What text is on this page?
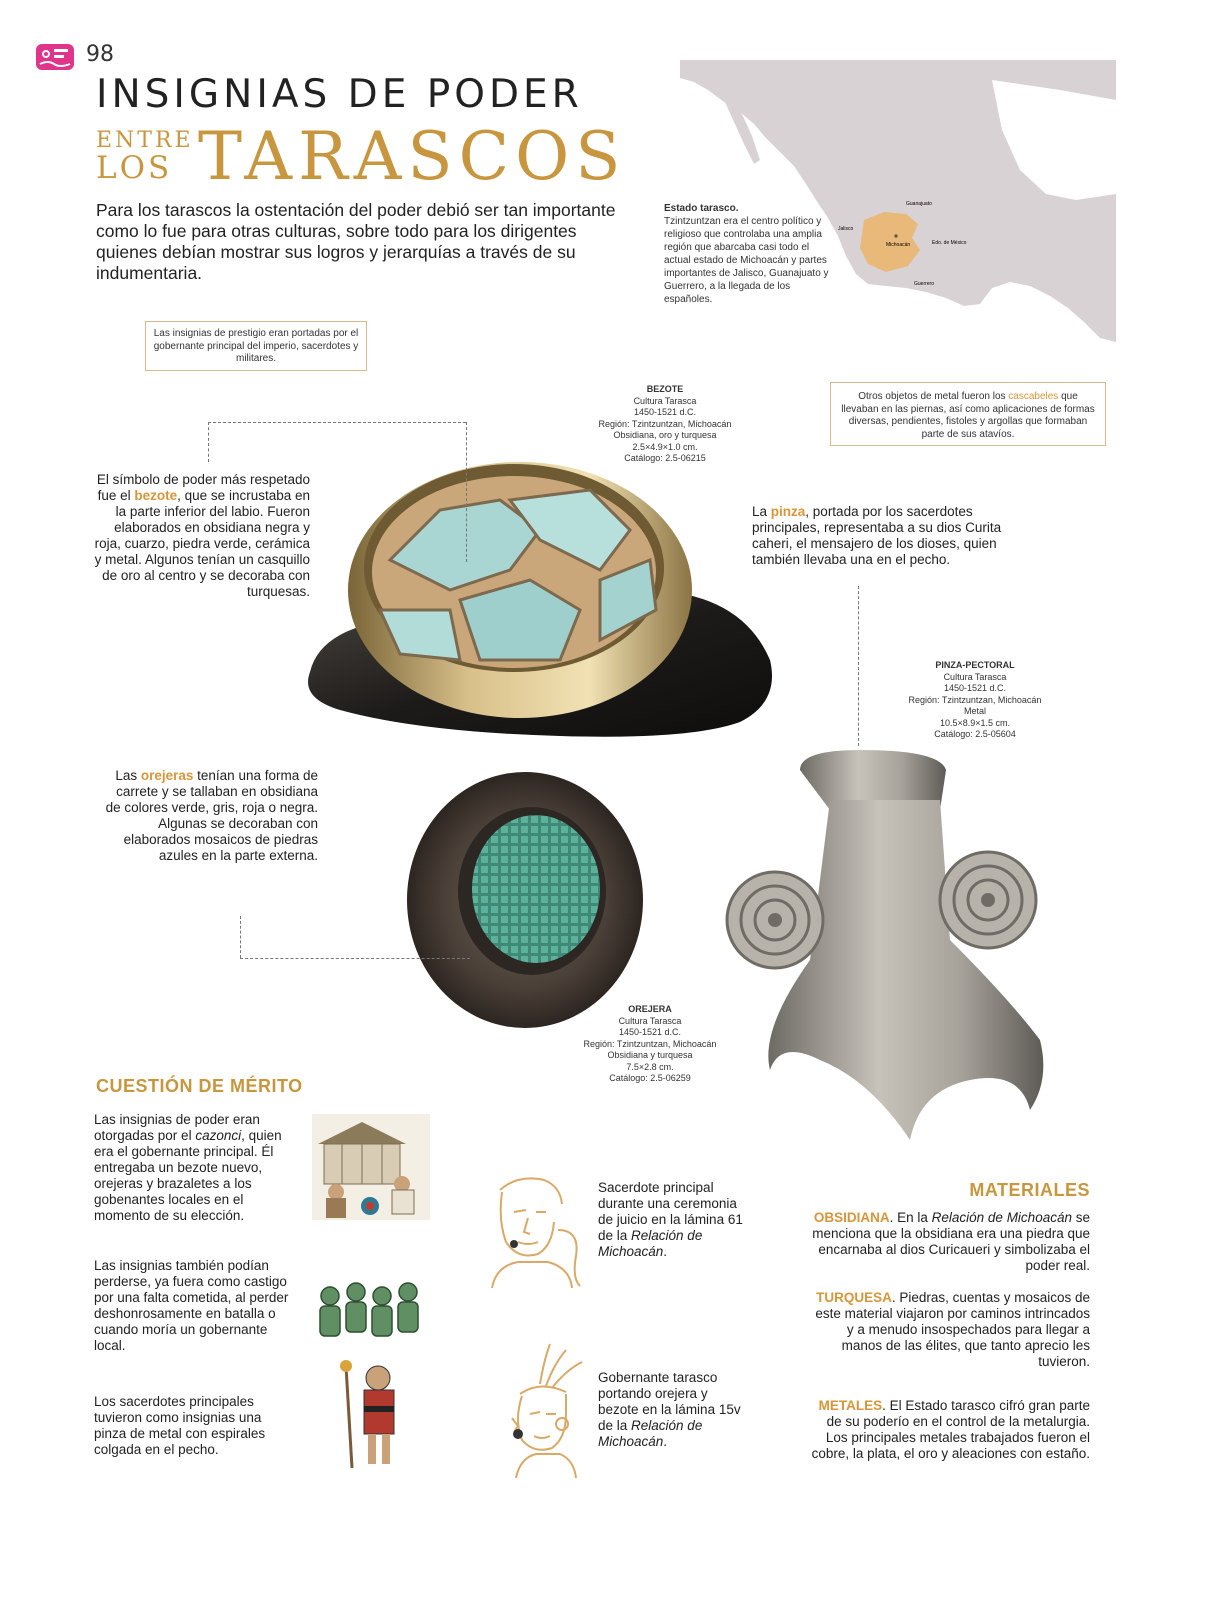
98
INSIGNIAS DE PODER
ENTRE
LOS TARASCOS
Para los tarascos la ostentación del poder debió ser tan importante como lo fue para otras culturas, sobre todo para los dirigentes quienes debían mostrar sus logros y jerarquías a través de su indumentaria.
Guanajuato
Jalisco
Michoacán	Edo. de México
Guerrero
Estado tarasco.
Tzintzuntzan era el centro político y religioso que controlaba una amplia región que abarcaba casi todo el actual estado de Michoacán y partes importantes de Jalisco, Guanajuato y Guerrero, a la llegada de los españoles.
Las insignias de prestigio eran portadas por el gobernante principal del imperio, sacerdotes y militares.
Otros objetos de metal fueron los cascabeles que llevaban en las piernas, así como aplicaciones de formas diversas, pendientes, fistoles y argollas que formaban parte de sus atavíos.
BEZOTE
Cultura Tarasca
1450-1521 d.C.
Región: Tzintzuntzan, Michoacán
Obsidiana, oro y turquesa
2.5×4.9×1.0 cm.
Catálogo: 2.5-06215
PINZA-PECTORAL
Cultura Tarasca
1450-1521 d.C.
Región: Tzintzuntzan, Michoacán
Metal
10.5×8.9×1.5 cm.
Catálogo: 2.5-05604
OREJERA
Cultura Tarasca
1450-1521 d.C.
Región: Tzintzuntzan, Michoacán
Obsidiana y turquesa
7.5×2.8 cm.
Catálogo: 2.5-06259
El símbolo de poder más respetado fue el bezote, que se incrustaba en la parte inferior del labio. Fueron elaborados en obsidiana negra y roja, cuarzo, piedra verde, cerámica y metal. Algunos tenían un casquillo de oro al centro y se decoraba con turquesas.
La pinza, portada por los sacerdotes principales, representaba a su dios Curita caheri, el mensajero de los dioses, quien también llevaba una en el pecho.
Las orejeras tenían una forma de carrete y se tallaban en obsidiana de colores verde, gris, roja o negra. Algunas se decoraban con elaborados mosaicos de piedras azules en la parte externa.
CUESTIÓN DE MÉRITO
Las insignias de poder eran otorgadas por el cazonci, quien era el gobernante principal. Él entregaba un bezote nuevo, orejeras y brazaletes a los gobenantes locales en el momento de su elección.
Las insignias también podían perderse, ya fuera como castigo por una falta cometida, al perder deshonrosamente en batalla o cuando moría un gobernante local.
Los sacerdotes principales tuvieron como insignias una pinza de metal con espirales colgada en el pecho.
Sacerdote principal durante una ceremonia de juicio en la lámina 61 de la Relación de Michoacán.
Gobernante tarasco portando orejera y bezote en la lámina 15v de la Relación de Michoacán.
MATERIALES
OBSIDIANA. En la Relación de Michoacán se menciona que la obsidiana era una piedra que encarnaba al dios Curicaueri y simbolizaba el poder real.
TURQUESA. Piedras, cuentas y mosaicos de este material viajaron por caminos intrincados y a menudo insospechados para llegar a manos de las élites, que tanto aprecio les tuvieron.
METALES. El Estado tarasco cifró gran parte de su poderío en el control de la metalurgia. Los principales metales trabajados fueron el cobre, la plata, el oro y aleaciones con estaño.
